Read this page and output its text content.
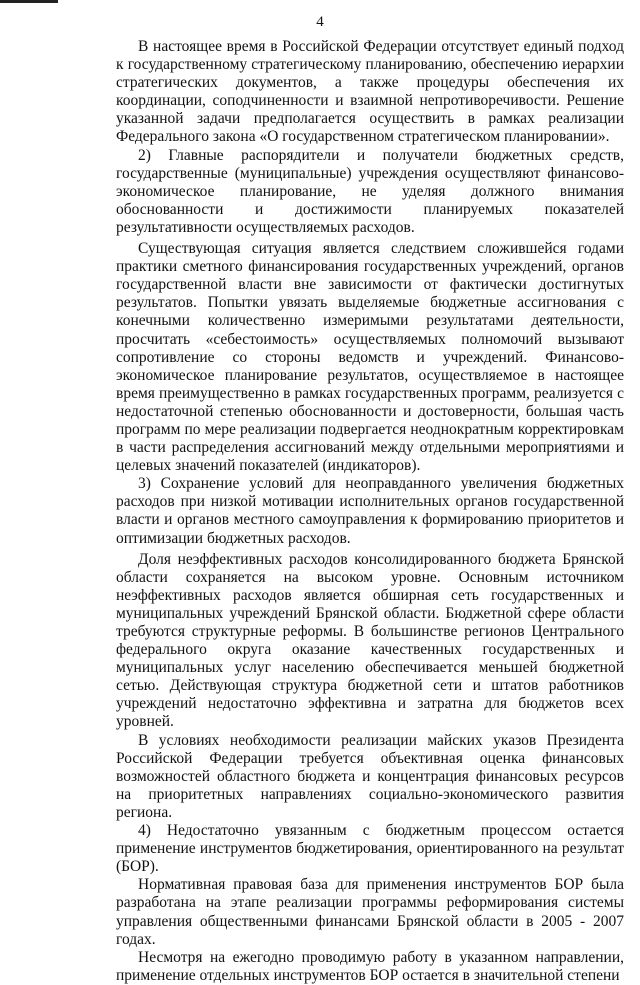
4

В настоящее время в Российской Федерации отсутствует единый подход к государственному стратегическому планированию, обеспечению иерархии стратегических документов, а также процедуры обеспечения их координации, соподчиненности и взаимной непротиворечивости. Решение указанной задачи предполагается осуществить в рамках реализации Федерального закона «О государственном стратегическом планировании».

2) Главные распорядители и получатели бюджетных средств, государственные (муниципальные) учреждения осуществляют финансово-экономическое планирование, не уделяя должного внимания обоснованности и достижимости планируемых показателей результативности осуществляемых расходов.

Существующая ситуация является следствием сложившейся годами практики сметного финансирования государственных учреждений, органов государственной власти вне зависимости от фактически достигнутых результатов. Попытки увязать выделяемые бюджетные ассигнования с конечными количественно измеримыми результатами деятельности, просчитать «себестоимость» осуществляемых полномочий вызывают сопротивление со стороны ведомств и учреждений. Финансово-экономическое планирование результатов, осуществляемое в настоящее время преимущественно в рамках государственных программ, реализуется с недостаточной степенью обоснованности и достоверности, большая часть программ по мере реализации подвергается неоднократным корректировкам в части распределения ассигнований между отдельными мероприятиями и целевых значений показателей (индикаторов).

3) Сохранение условий для неоправданного увеличения бюджетных расходов при низкой мотивации исполнительных органов государственной власти и органов местного самоуправления к формированию приоритетов и оптимизации бюджетных расходов.

Доля неэффективных расходов консолидированного бюджета Брянской области сохраняется на высоком уровне. Основным источником неэффективных расходов является обширная сеть государственных и муниципальных учреждений Брянской области. Бюджетной сфере области требуются структурные реформы. В большинстве регионов Центрального федерального округа оказание качественных государственных и муниципальных услуг населению обеспечивается меньшей бюджетной сетью. Действующая структура бюджетной сети и штатов работников учреждений недостаточно эффективна и затратна для бюджетов всех уровней.

В условиях необходимости реализации майских указов Президента Российской Федерации требуется объективная оценка финансовых возможностей областного бюджета и концентрация финансовых ресурсов на приоритетных направлениях социально-экономического развития региона.

4) Недостаточно увязанным с бюджетным процессом остается применение инструментов бюджетирования, ориентированного на результат (БОР).

Нормативная правовая база для применения инструментов БОР была разработана на этапе реализации программы реформирования системы управления общественными финансами Брянской области в 2005 - 2007 годах.

Несмотря на ежегодно проводимую работу в указанном направлении, применение отдельных инструментов БОР остается в значительной степени
